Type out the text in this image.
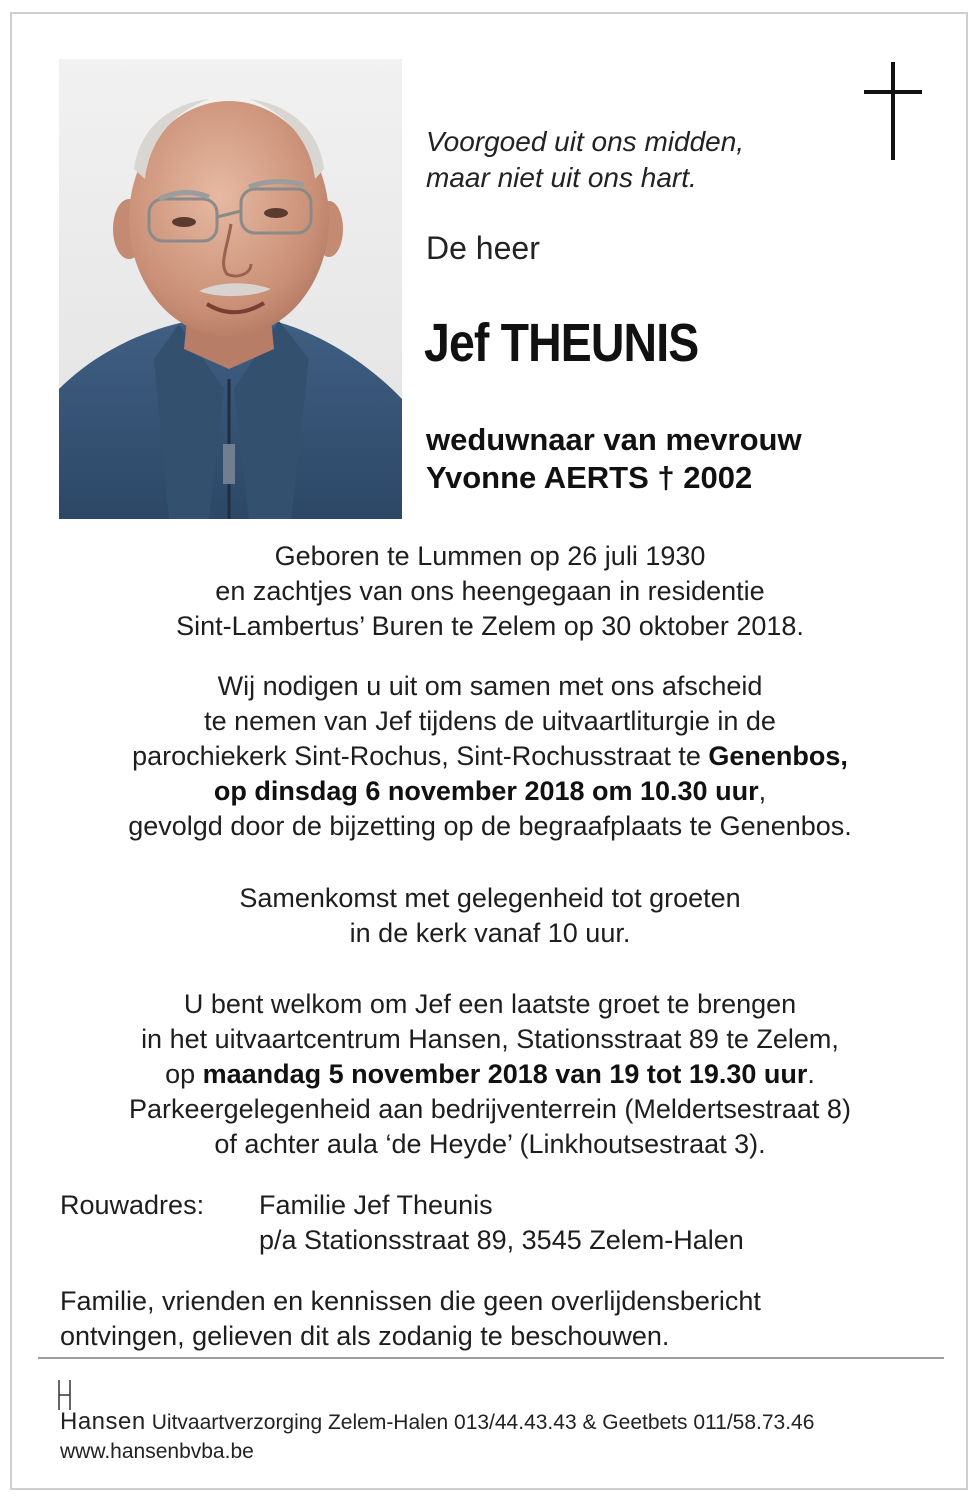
Voorgoed uit ons midden,
maar niet uit ons hart.
De heer
Jef THEUNIS
weduwnaar van mevrouw
Yvonne AERTS † 2002
Geboren te Lummen op 26 juli 1930
en zachtjes van ons heengegaan in residentie
Sint-Lambertus’ Buren te Zelem op 30 oktober 2018.
Wij nodigen u uit om samen met ons afscheid
te nemen van Jef tijdens de uitvaartliturgie in de
parochiekerk Sint-Rochus, Sint-Rochusstraat te Genenbos,
op dinsdag 6 november 2018 om 10.30 uur,
gevolgd door de bijzetting op de begraafplaats te Genenbos.
Samenkomst met gelegenheid tot groeten
in de kerk vanaf 10 uur.
U bent welkom om Jef een laatste groet te brengen
in het uitvaartcentrum Hansen, Stationsstraat 89 te Zelem,
op maandag 5 november 2018 van 19 tot 19.30 uur.
Parkeergelegenheid aan bedrijventerrein (Meldertsestraat 8)
of achter aula ‘de Heyde’ (Linkhoutsestraat 3).
Rouwadres: Familie Jef Theunis
p/a Stationsstraat 89, 3545 Zelem-Halen
Familie, vrienden en kennissen die geen overlijdensbericht
ontvingen, gelieven dit als zodanig te beschouwen.
Hansen Uitvaartverzorging Zelem-Halen 013/44.43.43 & Geetbets 011/58.73.46
www.hansenbvba.be
